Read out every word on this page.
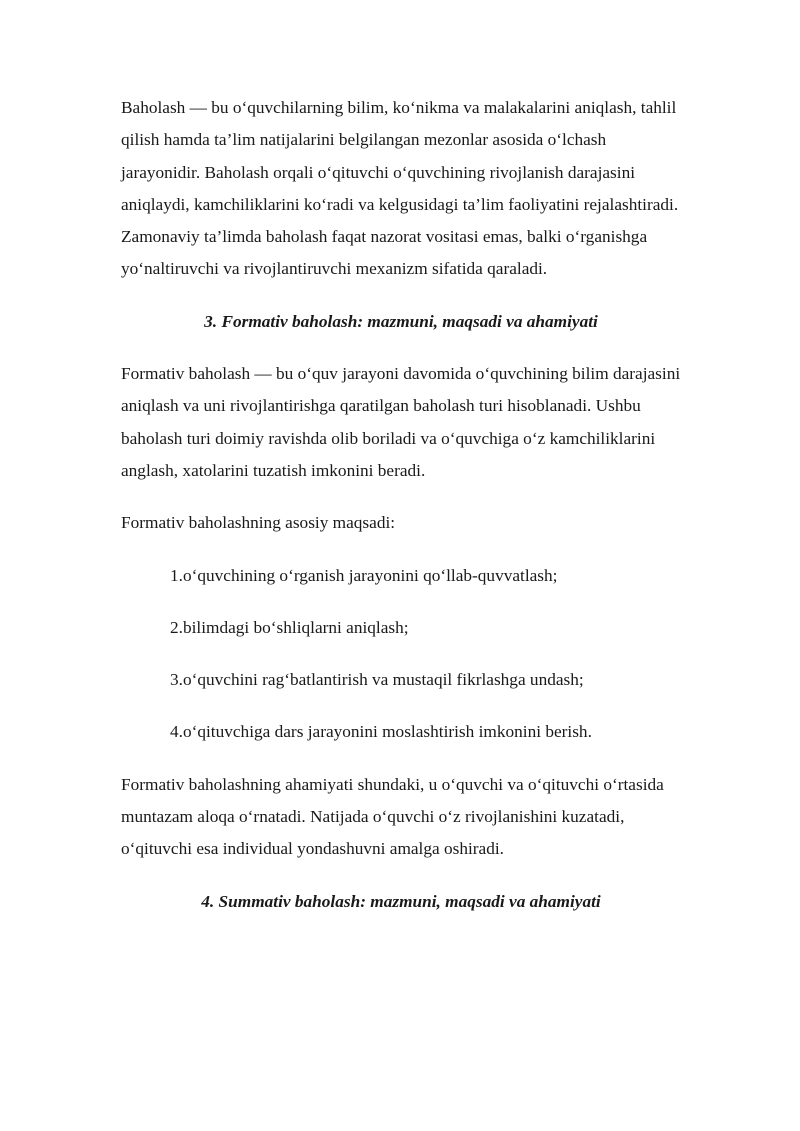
Baholash — bu o‘quvchilarning bilim, ko‘nikma va malakalarini aniqlash, tahlil qilish hamda ta’lim natijalarini belgilangan mezonlar asosida o‘lchash jarayonidir. Baholash orqali o‘qituvchi o‘quvchining rivojlanish darajasini aniqlaydi, kamchiliklarini ko‘radi va kelgusidagi ta’lim faoliyatini rejalashtiradi. Zamonaviy ta’limda baholash faqat nazorat vositasi emas, balki o‘rganishga yo‘naltiruvchi va rivojlantiruvchi mexanizm sifatida qaraladi.

3. Formativ baholash: mazmuni, maqsadi va ahamiyati

Formativ baholash — bu o‘quv jarayoni davomida o‘quvchining bilim darajasini aniqlash va uni rivojlantirishga qaratilgan baholash turi hisoblanadi. Ushbu baholash turi doimiy ravishda olib boriladi va o‘quvchiga o‘z kamchiliklarini anglash, xatolarini tuzatish imkonini beradi.

Formativ baholashning asosiy maqsadi:

1.o‘quvchining o‘rganish jarayonini qo‘llab-quvvatlash;

2.bilimdagi bo‘shliqlarni aniqlash;

3.o‘quvchini rag‘batlantirish va mustaqil fikrlashga undash;

4.o‘qituvchiga dars jarayonini moslashtirish imkonini berish.

Formativ baholashning ahamiyati shundaki, u o‘quvchi va o‘qituvchi o‘rtasida muntazam aloqa o‘rnatadi. Natijada o‘quvchi o‘z rivojlanishini kuzatadi, o‘qituvchi esa individual yondashuvni amalga oshiradi.

4. Summativ baholash: mazmuni, maqsadi va ahamiyati
